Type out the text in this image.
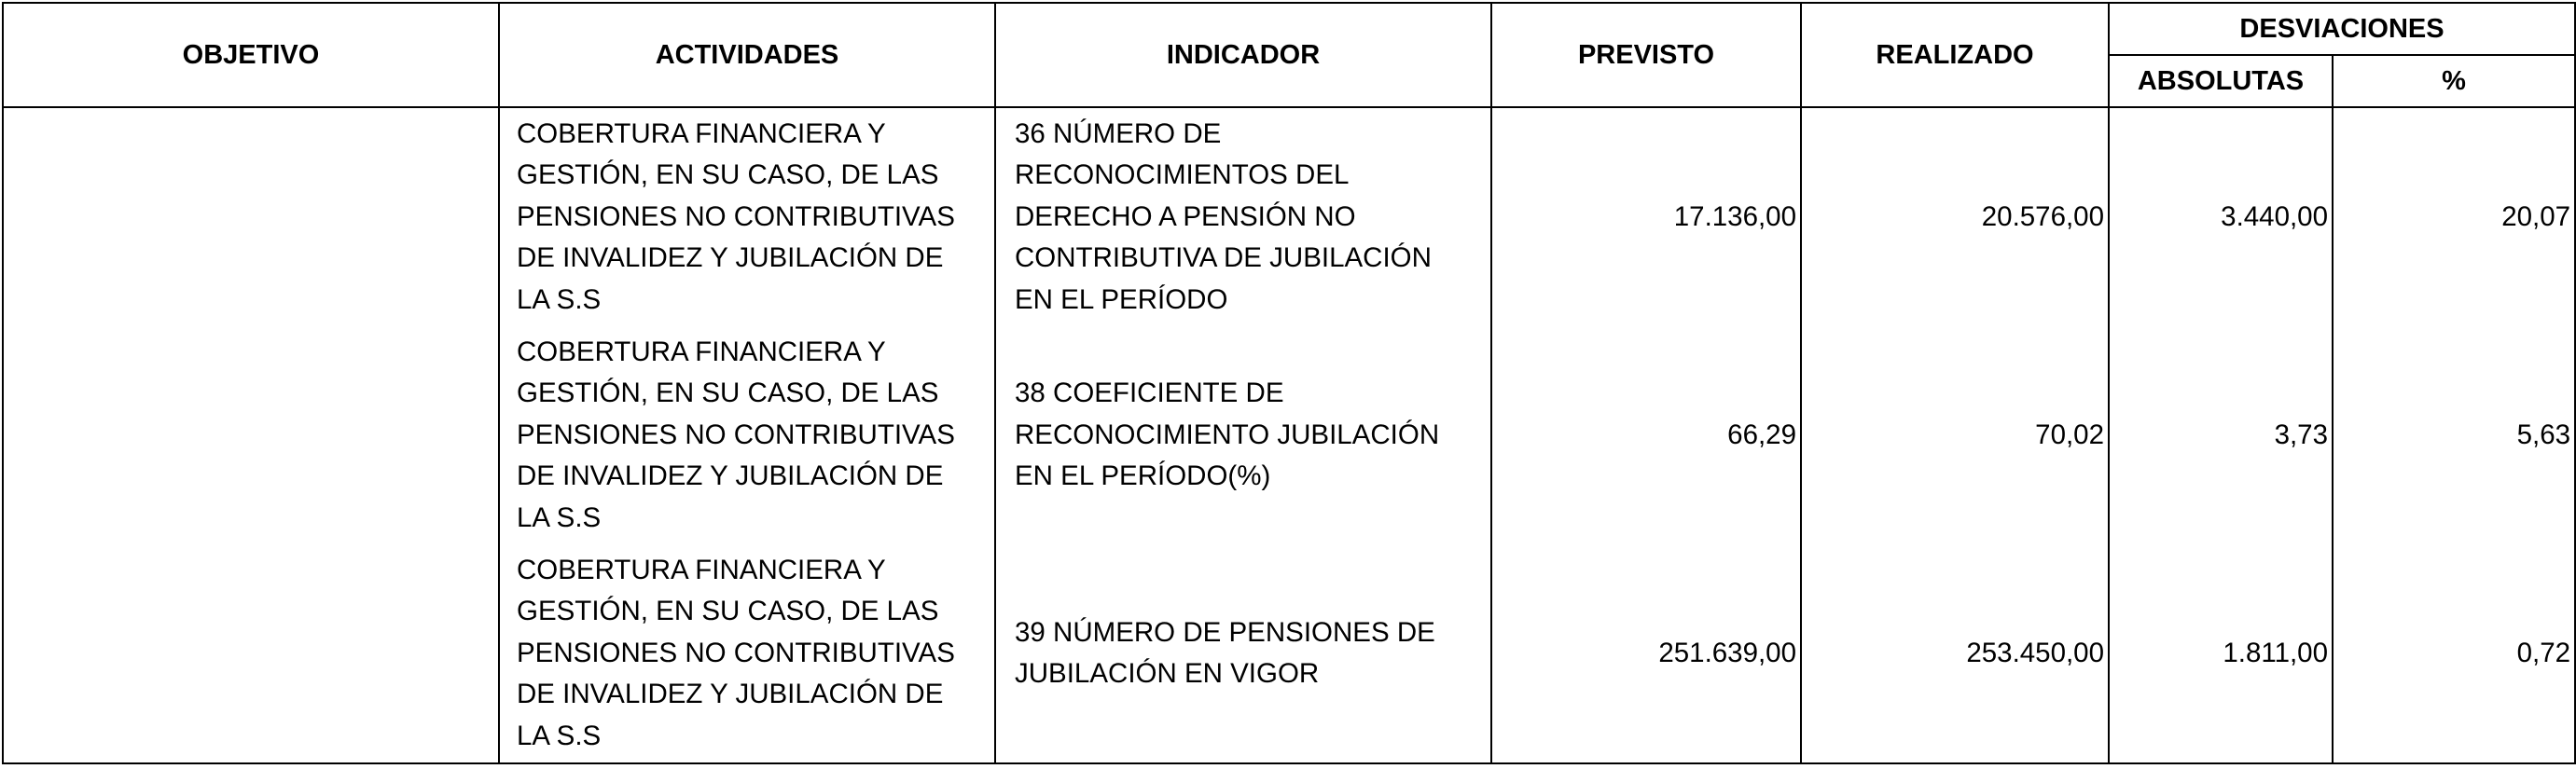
OBJETIVO	ACTIVIDADES	INDICADOR	PREVISTO	REALIZADO	DESVIACIONES	
					ABSOLUTAS	%
	COBERTURA FINANCIERA Y GESTIÓN, EN SU CASO, DE LAS PENSIONES NO CONTRIBUTIVAS DE INVALIDEZ Y JUBILACIÓN DE LA S.S	36 NÚMERO DE RECONOCIMIENTOS DEL DERECHO A PENSIÓN NO CONTRIBUTIVA DE JUBILACIÓN EN EL PERÍODO	17.136,00	20.576,00	3.440,00	20,07
	COBERTURA FINANCIERA Y GESTIÓN, EN SU CASO, DE LAS PENSIONES NO CONTRIBUTIVAS DE INVALIDEZ Y JUBILACIÓN DE LA S.S	38 COEFICIENTE DE RECONOCIMIENTO JUBILACIÓN EN EL PERÍODO(%)	66,29	70,02	3,73	5,63
	COBERTURA FINANCIERA Y GESTIÓN, EN SU CASO, DE LAS PENSIONES NO CONTRIBUTIVAS DE INVALIDEZ Y JUBILACIÓN DE LA S.S	39 NÚMERO DE PENSIONES DE JUBILACIÓN EN VIGOR	251.639,00	253.450,00	1.811,00	0,72
